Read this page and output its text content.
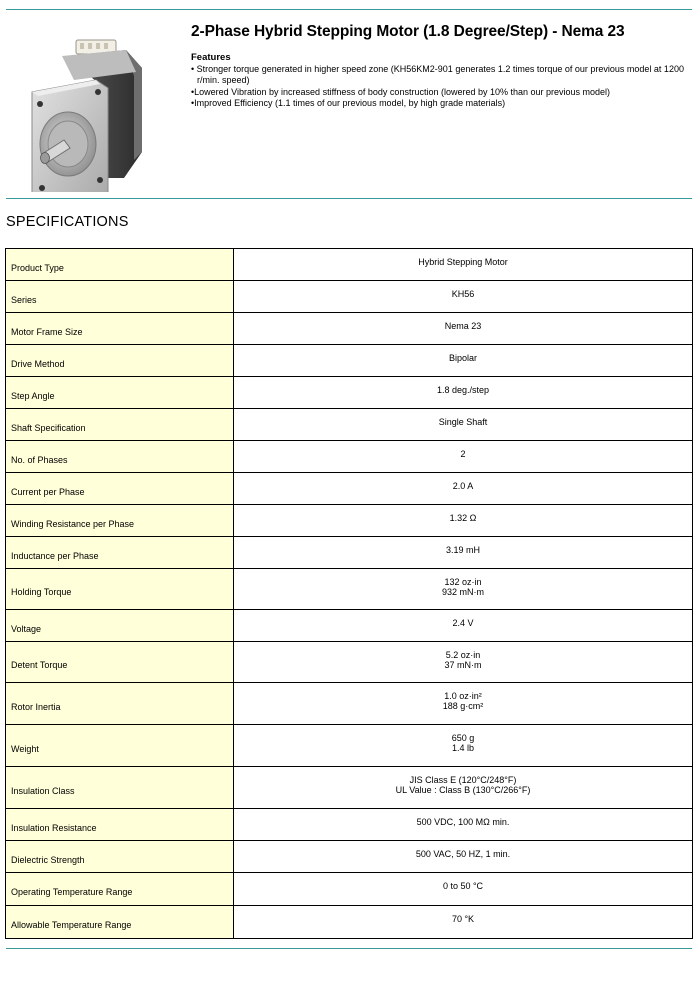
2-Phase Hybrid Stepping Motor (1.8 Degree/Step) - Nema 23
Features
• Stronger torque generated in higher speed zone (KH56KM2-901 generates 1.2 times torque of our previous model at 1200 r/min. speed)
•Lowered Vibration by increased stiffness of body construction (lowered by 10% than our previous model)
•Improved Efficiency (1.1 times of our previous model, by high grade materials)
SPECIFICATIONS
Product Type	Hybrid Stepping Motor

Series	KH56

Motor Frame Size	Nema 23

Drive Method	Bipolar

Step Angle	1.8 deg./step

Shaft Specification	Single Shaft

No. of Phases	2

Current per Phase	2.0 A

Winding Resistance per Phase	1.32 Ω

Inductance per Phase	3.19 mH

Holding Torque	132 oz·in
932 mN·m

Voltage	2.4 V

Detent Torque	5.2 oz·in
37 mN·m

Rotor Inertia	1.0 oz·in²
188 g·cm²

Weight	650 g
1.4 lb

Insulation Class	JIS Class E (120°C/248°F)
UL Value : Class B (130°C/266°F)

Insulation Resistance	500 VDC, 100 MΩ min.

Dielectric Strength	500 VAC, 50 HZ, 1 min.

Operating Temperature Range	0 to 50 °C

Allowable Temperature Range	70 °K
